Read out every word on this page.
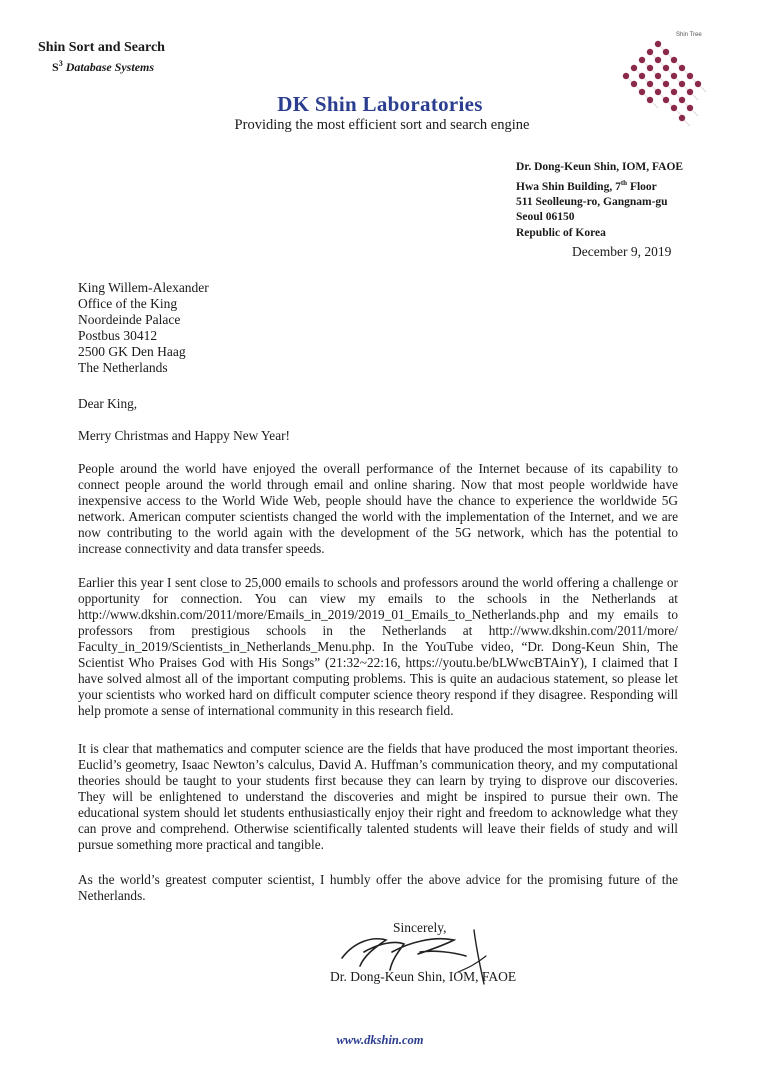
Shin Sort and Search
$S^3$ Database Systems
Shin Tree
DK Shin Laboratories
Providing the most efficient sort and search engine
Dr. Dong-Keun Shin, IOM, FAOE
Hwa Shin Building, 7th Floor
511 Seolleung-ro, Gangnam-gu
Seoul 06150
Republic of Korea
December 9, 2019
King Willem-Alexander
Office of the King
Noordeinde Palace
Postbus 30412
2500 GK Den Haag
The Netherlands
Dear King,
Merry Christmas and Happy New Year!
People around the world have enjoyed the overall performance of the Internet because of its capability to connect people around the world through email and online sharing. Now that most people worldwide have inexpensive access to the World Wide Web, people should have the chance to experience the worldwide 5G network. American computer scientists changed the world with the implementation of the Internet, and we are now contributing to the world again with the development of the 5G network, which has the potential to increase connectivity and data transfer speeds.
Earlier this year I sent close to 25,000 emails to schools and professors around the world offering a challenge or opportunity for connection. You can view my emails to the schools in the Netherlands at http://www.dkshin.com/2011/more/Emails_in_2019/2019_01_Emails_to_Netherlands.php and my emails to professors from prestigious schools in the Netherlands at http://www.dkshin.com/2011/more/ Faculty_in_2019/Scientists_in_Netherlands_Menu.php. In the YouTube video, “Dr. Dong-Keun Shin, The Scientist Who Praises God with His Songs” (21:32~22:16, https://youtu.be/bLWwcBTAinY), I claimed that I have solved almost all of the important computing problems. This is quite an audacious statement, so please let your scientists who worked hard on difficult computer science theory respond if they disagree. Responding will help promote a sense of international community in this research field.
It is clear that mathematics and computer science are the fields that have produced the most important theories. Euclid’s geometry, Isaac Newton’s calculus, David A. Huffman’s communication theory, and my computational theories should be taught to your students first because they can learn by trying to disprove our discoveries. They will be enlightened to understand the discoveries and might be inspired to pursue their own. The educational system should let students enthusiastically enjoy their right and freedom to acknowledge what they can prove and comprehend. Otherwise scientifically talented students will leave their fields of study and will pursue something more practical and tangible.
As the world’s greatest computer scientist, I humbly offer the above advice for the promising future of the Netherlands.
Sincerely,
Dr. Dong-Keun Shin, IOM, FAOE
www.dkshin.com
